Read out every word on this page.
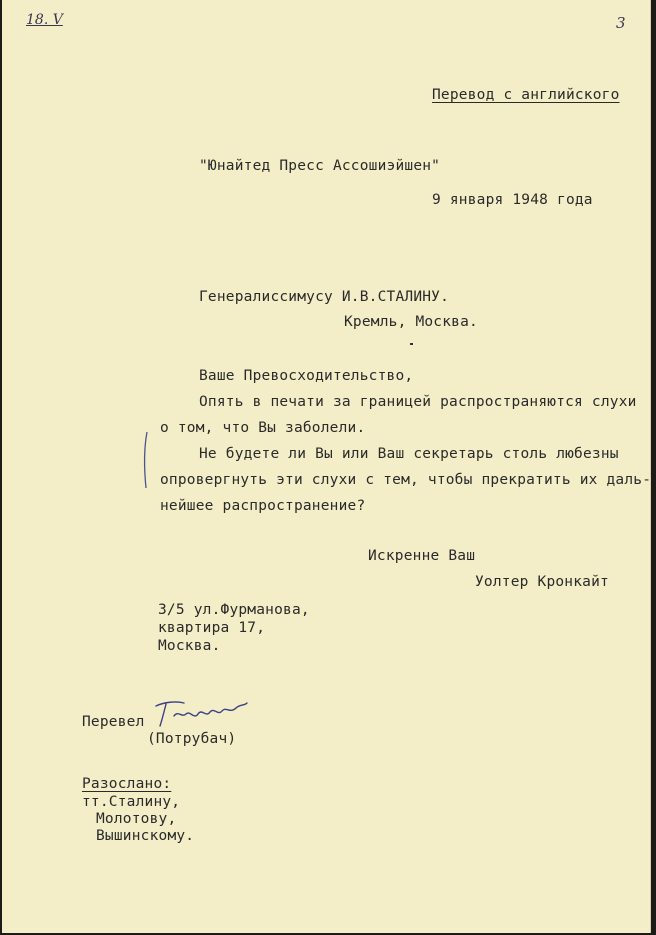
18. V	3
Перевод с английского
"Юнайтед Пресс Ассошиэйшен"
9 января 1948 года
Генералиссимусу И.В.СТАЛИНУ.
Кремль, Москва.
Ваше Превосходительство,
Опять в печати за границей распространяются слухи
о том, что Вы заболели.
Не будете ли Вы или Ваш секретарь столь любезны
опровергнуть эти слухи с тем, чтобы прекратить их даль-
нейшее распространение?
Искренне Ваш
Уолтер Кронкайт
3/5 ул.Фурманова,
квартира 17,
Москва.
Перевел
(Потрубач)
Разослано:
тт.Сталину,
Молотову,
Вышинскому.
